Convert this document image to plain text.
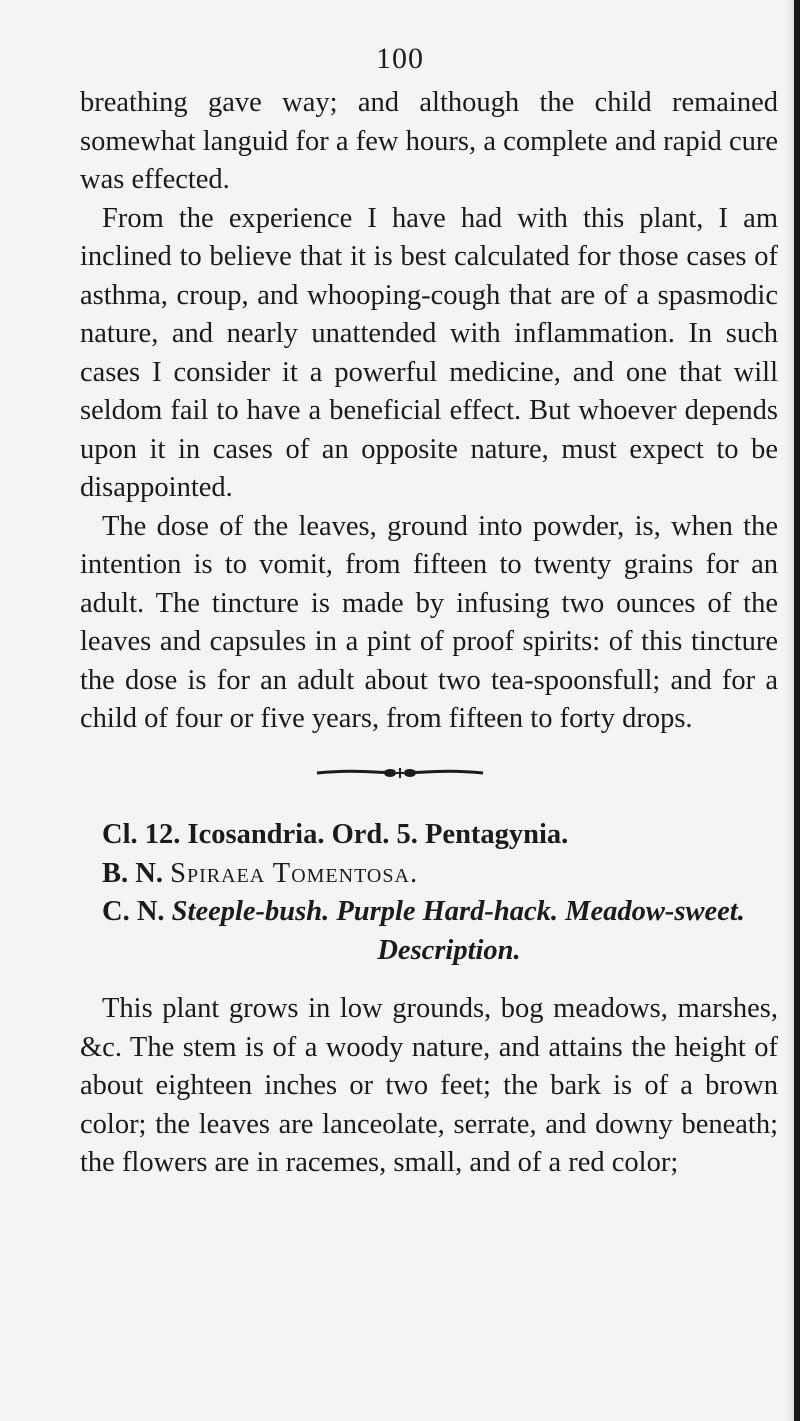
100

breathing gave way; and although the child remained somewhat languid for a few hours, a complete and rapid cure was effected.

From the experience I have had with this plant, I am inclined to believe that it is best calculated for those cases of asthma, croup, and whooping-cough that are of a spasmodic nature, and nearly unattended with inflammation. In such cases I consider it a powerful medicine, and one that will seldom fail to have a beneficial effect. But whoever depends upon it in cases of an opposite nature, must expect to be disappointed.

The dose of the leaves, ground into powder, is, when the intention is to vomit, from fifteen to twenty grains for an adult. The tincture is made by infusing two ounces of the leaves and capsules in a pint of proof spirits: of this tincture the dose is for an adult about two tea-spoonsfull; and for a child of four or five years, from fifteen to forty drops.

Cl. 12. Icosandria. Ord. 5. Pentagynia.

B. N. Spiraea Tomentosa.

C. N. Steeple-bush. Purple Hard-hack. Meadow-sweet.

Description.

This plant grows in low grounds, bog meadows, marshes, &c. The stem is of a woody nature, and attains the height of about eighteen inches or two feet; the bark is of a brown color; the leaves are lanceolate, serrate, and downy beneath; the flowers are in racemes, small, and of a red color;
